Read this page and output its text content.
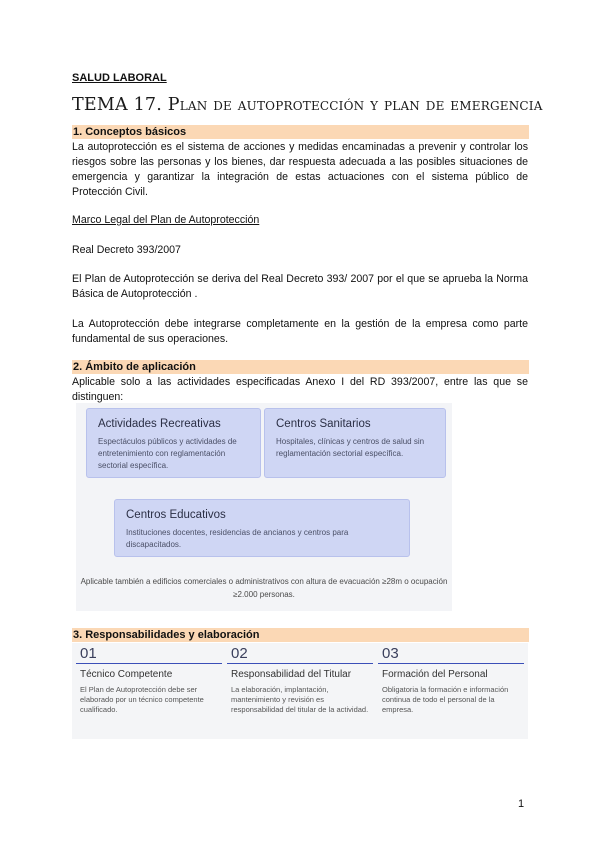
SALUD LABORAL
TEMA 17. Plan de autoprotección y plan de emergencia
1. Conceptos básicos
La autoprotección es el sistema de acciones y medidas encaminadas a prevenir y controlar los riesgos sobre las personas y los bienes, dar respuesta adecuada a las posibles situaciones de emergencia y garantizar la integración de estas actuaciones con el sistema público de Protección Civil.
Marco Legal del Plan de Autoprotección
Real Decreto 393/2007
El Plan de Autoprotección se deriva del Real Decreto 393/ 2007 por el que se aprueba la Norma Básica de Autoprotección .
La Autoprotección debe integrarse completamente en la gestión de la empresa como parte fundamental de sus operaciones.
2. Ámbito de aplicación
Aplicable solo a las actividades especificadas Anexo I del RD 393/2007, entre las que se distinguen:
Actividades Recreativas
Espectáculos públicos y actividades de entretenimiento con reglamentación sectorial específica.
Centros Sanitarios
Hospitales, clínicas y centros de salud sin reglamentación sectorial específica.
Centros Educativos
Instituciones docentes, residencias de ancianos y centros para discapacitados.
Aplicable también a edificios comerciales o administrativos con altura de evacuación ≥28m o ocupación ≥2.000 personas.
3. Responsabilidades y elaboración
01
Técnico Competente
El Plan de Autoprotección debe ser elaborado por un técnico competente cualificado.
02
Responsabilidad del Titular
La elaboración, implantación, mantenimiento y revisión es responsabilidad del titular de la actividad.
03
Formación del Personal
Obligatoria la formación e información continua de todo el personal de la empresa.
1
